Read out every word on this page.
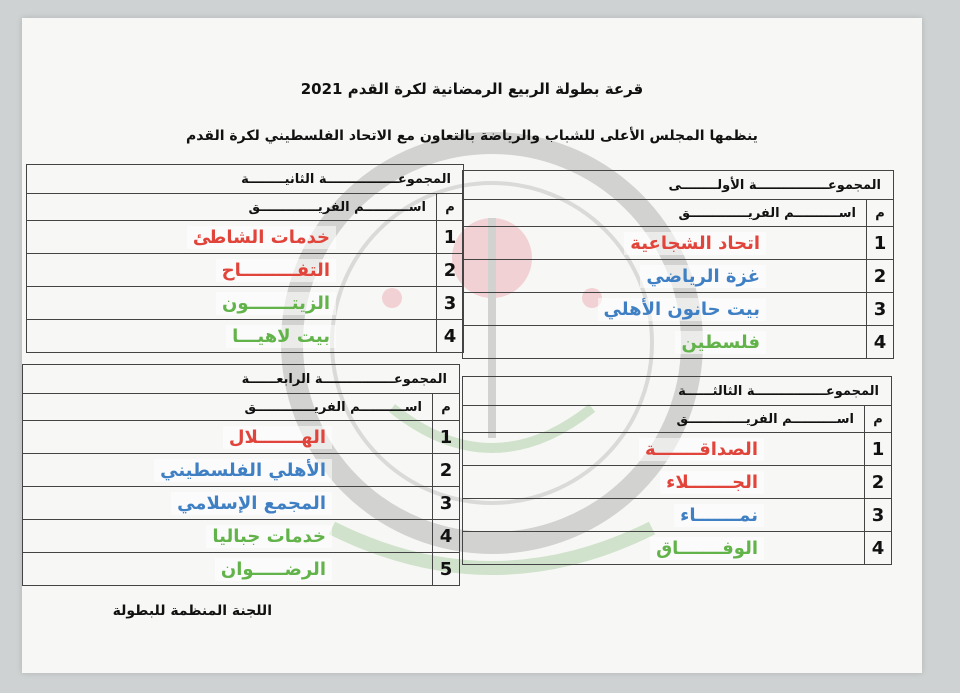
قرعة بطولة الربيع الرمضانية لكرة القدم 2021
ينظمها المجلس الأعلى للشباب والرياضة بالتعاون مع الاتحاد الفلسطيني لكرة القدم
المجموعــــــــــــــــة الأولــــــــى
م
اســــــــــم الفريـــــــــــــق
1
اتحاد الشجاعية
2
غزة الرياضي
3
بيت حانون الأهلي
4
فلسطين
المجموعــــــــــــــــة الثانيــــــــة
م
اســــــــــم الفريـــــــــــــق
1
خدمات الشاطئ
2
التفـــــــــاح
3
الزيتـــــــون
4
بيت لاهيـــا
المجموعــــــــــــــــة الثالثــــــة
م
اســــــــــم الفريـــــــــــــق
1
الصداقـــــــة
2
الجـــــــلاء
3
نمـــــــاء
4
الوفـــــــاق
المجموعــــــــــــــــة الرابعــــــة
م
اســــــــــم الفريـــــــــــــق
1
الهـــــــلال
2
الأهلي الفلسطيني
3
المجمع الإسلامي
4
خدمات جباليا
5
الرضـــــوان
اللجنة المنظمة للبطولة
